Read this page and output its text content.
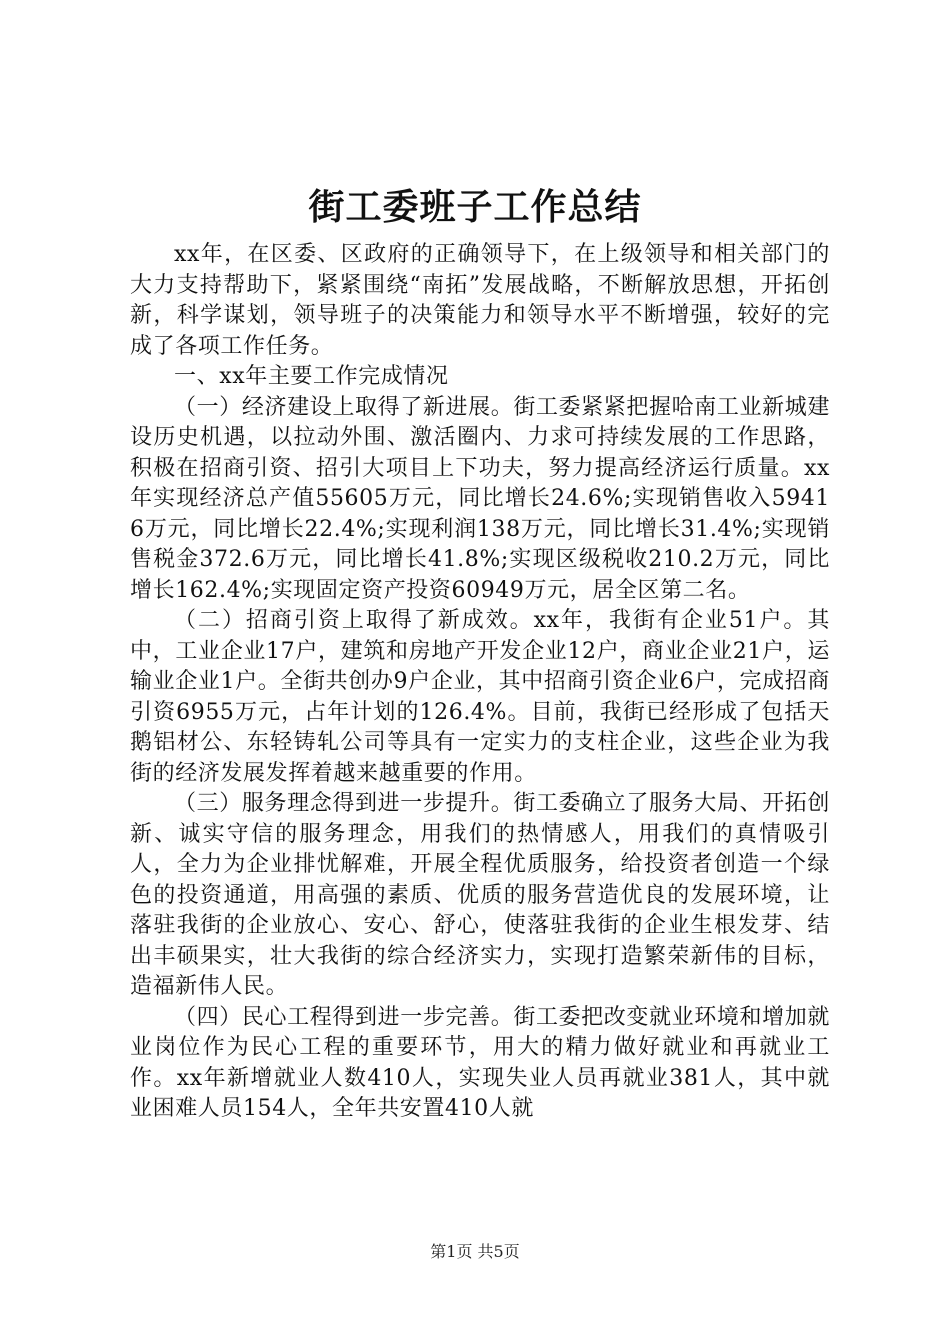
街工委班子工作总结

xx年，在区委、区政府的正确领导下，在上级领导和相关部门的大力支持帮助下，紧紧围绕“南拓”发展战略，不断解放思想，开拓创新，科学谋划，领导班子的决策能力和领导水平不断增强，较好的完成了各项工作任务。

一、xx年主要工作完成情况

（一）经济建设上取得了新进展。街工委紧紧把握哈南工业新城建设历史机遇，以拉动外围、激活圈内、力求可持续发展的工作思路，积极在招商引资、招引大项目上下功夫，努力提高经济运行质量。xx年实现经济总产值55605万元，同比增长24.6%;实现销售收入59416万元，同比增长22.4%;实现利润138万元，同比增长31.4%;实现销售税金372.6万元，同比增长41.8%;实现区级税收210.2万元，同比增长162.4%;实现固定资产投资60949万元，居全区第二名。

（二）招商引资上取得了新成效。xx年，我街有企业51户。其中，工业企业17户，建筑和房地产开发企业12户，商业企业21户，运输业企业1户。全街共创办9户企业，其中招商引资企业6户，完成招商引资6955万元，占年计划的126.4%。目前，我街已经形成了包括天鹅铝材公、东轻铸轧公司等具有一定实力的支柱企业，这些企业为我街的经济发展发挥着越来越重要的作用。

（三）服务理念得到进一步提升。街工委确立了服务大局、开拓创新、诚实守信的服务理念，用我们的热情感人，用我们的真情吸引人，全力为企业排忧解难，开展全程优质服务，给投资者创造一个绿色的投资通道，用高强的素质、优质的服务营造优良的发展环境，让落驻我街的企业放心、安心、舒心，使落驻我街的企业生根发芽、结出丰硕果实，壮大我街的综合经济实力，实现打造繁荣新伟的目标，造福新伟人民。

（四）民心工程得到进一步完善。街工委把改变就业环境和增加就业岗位作为民心工程的重要环节，用大的精力做好就业和再就业工作。xx年新增就业人数410人，实现失业人员再就业381人，其中就业困难人员154人，全年共安置410人就

第1页 共5页
